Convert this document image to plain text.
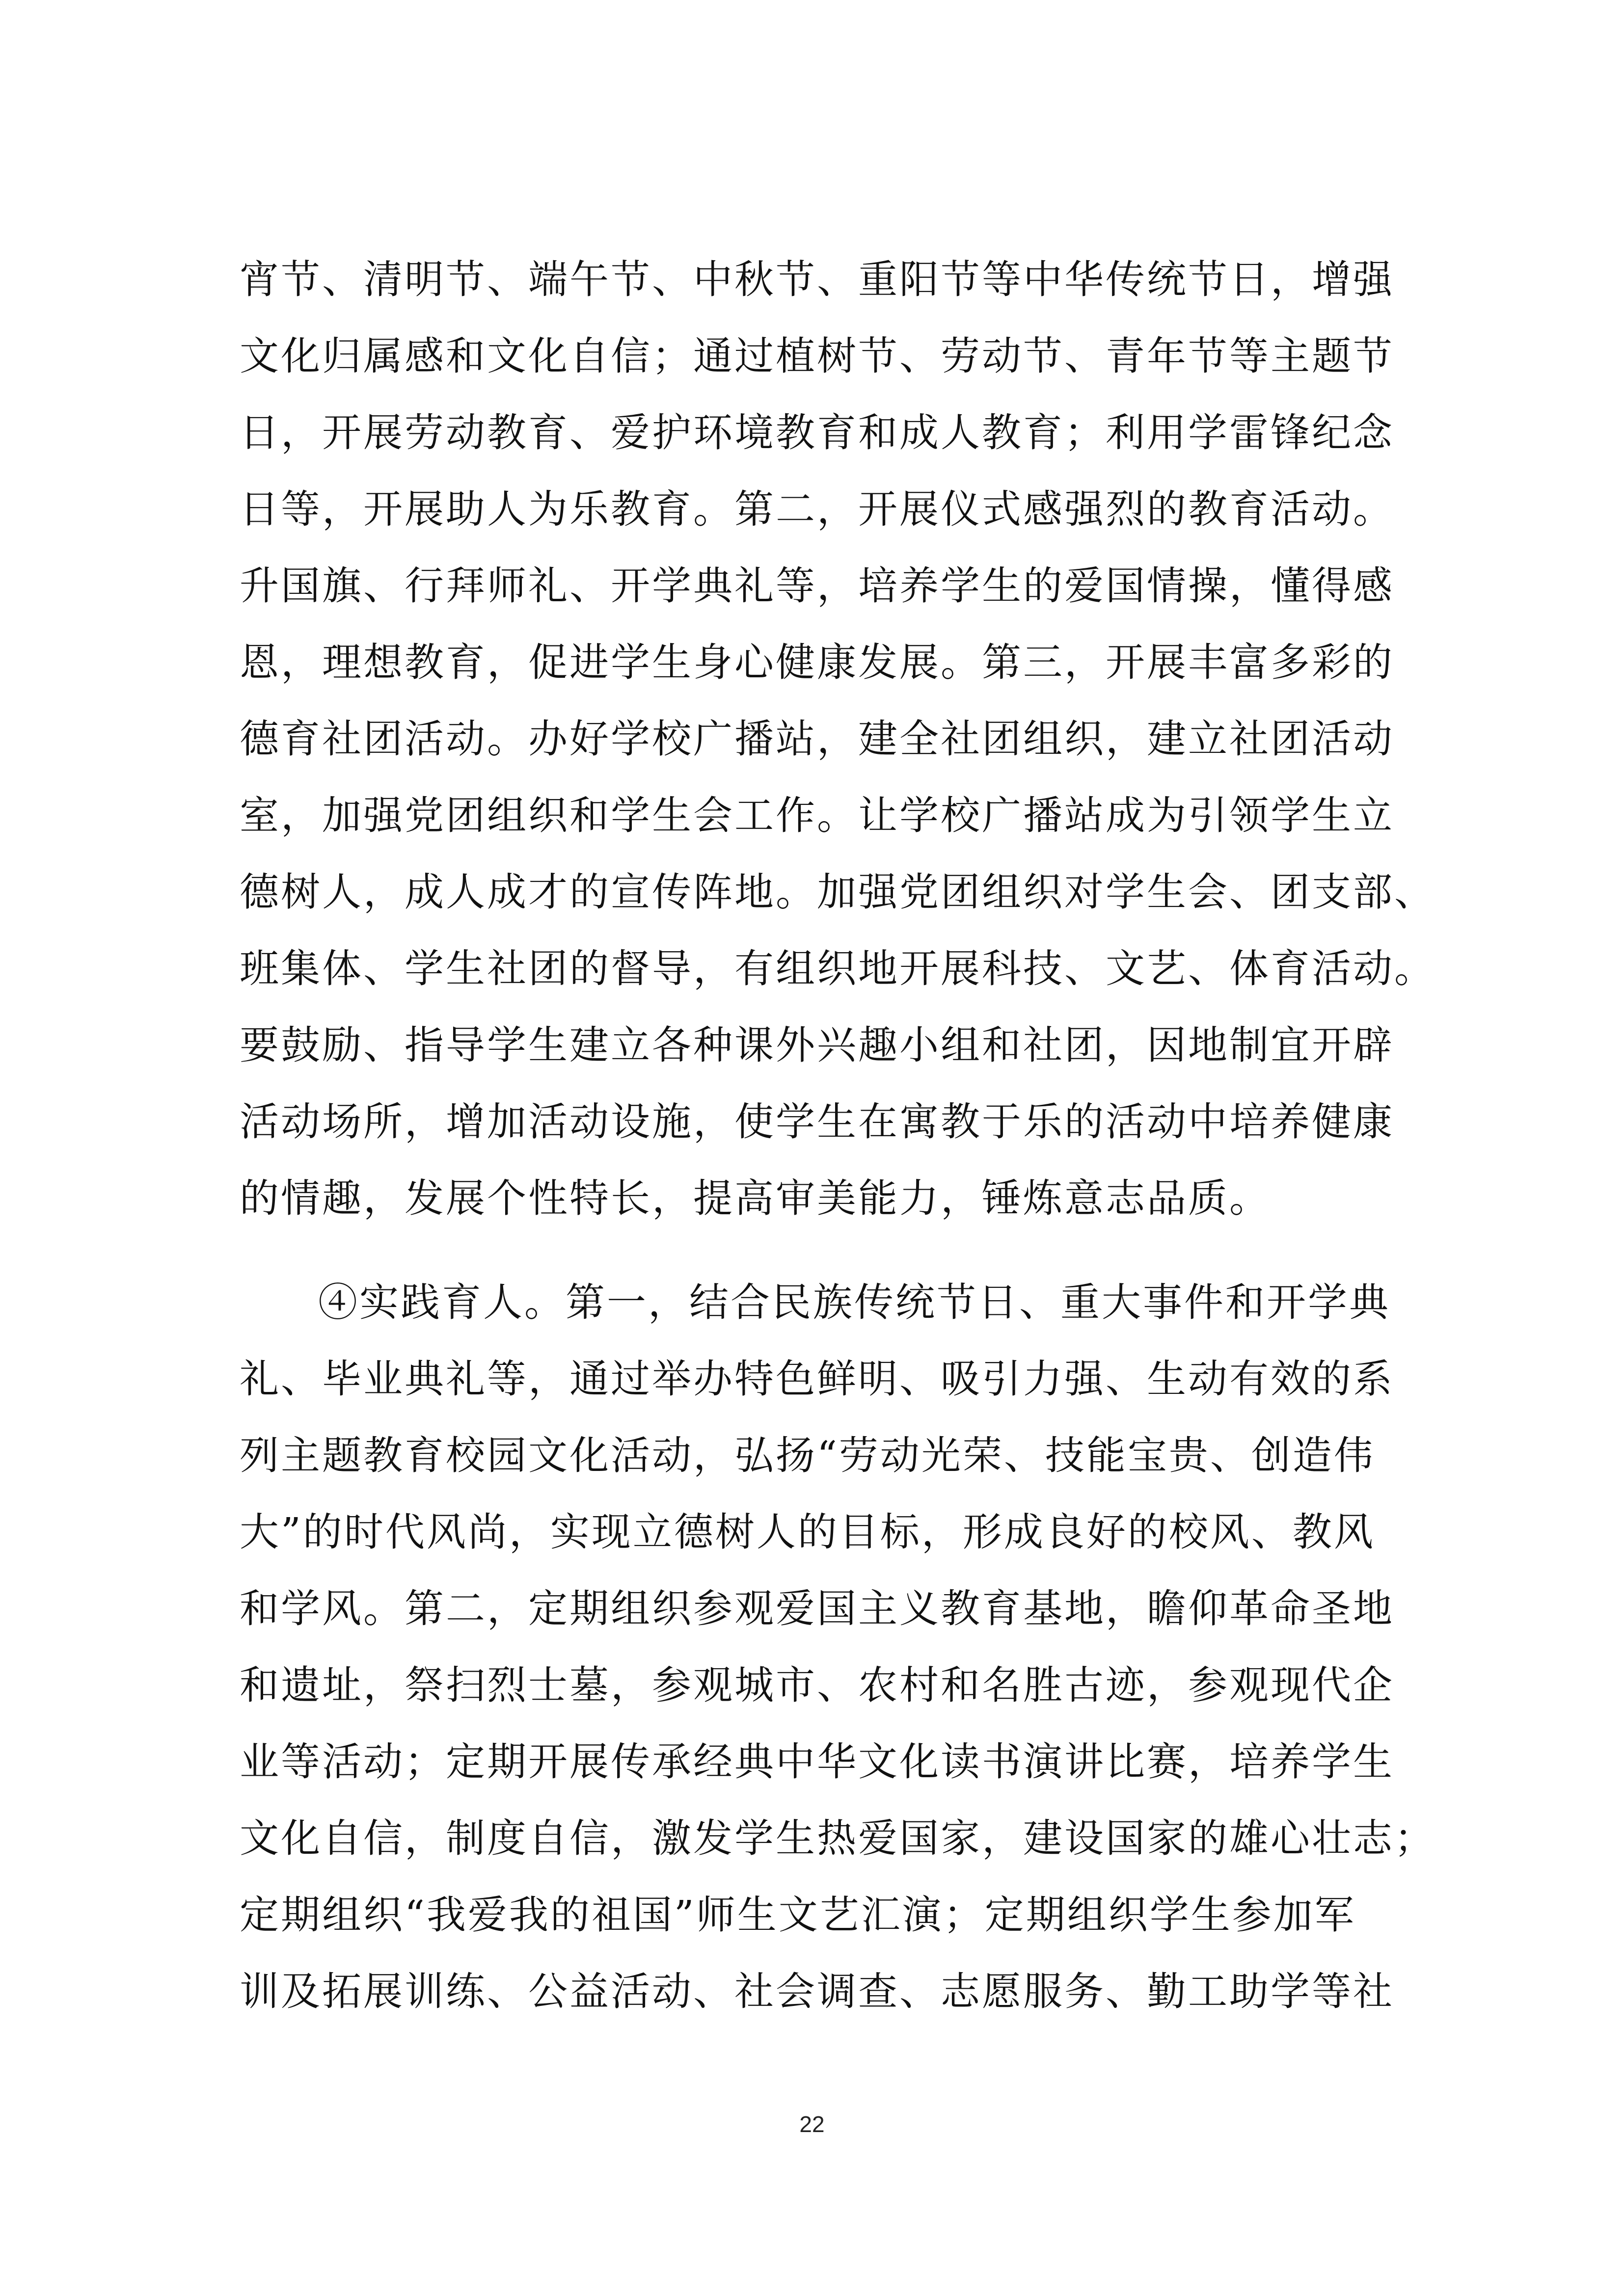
宵节、清明节、端午节、中秋节、重阳节等中华传统节日，增强
文化归属感和文化自信；通过植树节、劳动节、青年节等主题节
日，开展劳动教育、爱护环境教育和成人教育；利用学雷锋纪念
日等，开展助人为乐教育。第二，开展仪式感强烈的教育活动。
升国旗、行拜师礼、开学典礼等，培养学生的爱国情操，懂得感
恩，理想教育，促进学生身心健康发展。第三，开展丰富多彩的
德育社团活动。办好学校广播站，建全社团组织，建立社团活动
室，加强党团组织和学生会工作。让学校广播站成为引领学生立
德树人，成人成才的宣传阵地。加强党团组织对学生会、团支部、
班集体、学生社团的督导，有组织地开展科技、文艺、体育活动。
要鼓励、指导学生建立各种课外兴趣小组和社团，因地制宜开辟
活动场所，增加活动设施，使学生在寓教于乐的活动中培养健康
的情趣，发展个性特长，提高审美能力，锤炼意志品质。
④实践育人。第一，结合民族传统节日、重大事件和开学典
礼、毕业典礼等，通过举办特色鲜明、吸引力强、生动有效的系
列主题教育校园文化活动，弘扬“劳动光荣、技能宝贵、创造伟
大”的时代风尚，实现立德树人的目标，形成良好的校风、教风
和学风。第二，定期组织参观爱国主义教育基地，瞻仰革命圣地
和遗址，祭扫烈士墓，参观城市、农村和名胜古迹，参观现代企
业等活动；定期开展传承经典中华文化读书演讲比赛，培养学生
文化自信，制度自信，激发学生热爱国家，建设国家的雄心壮志；
定期组织“我爱我的祖国”师生文艺汇演；定期组织学生参加军
训及拓展训练、公益活动、社会调查、志愿服务、勤工助学等社
22
